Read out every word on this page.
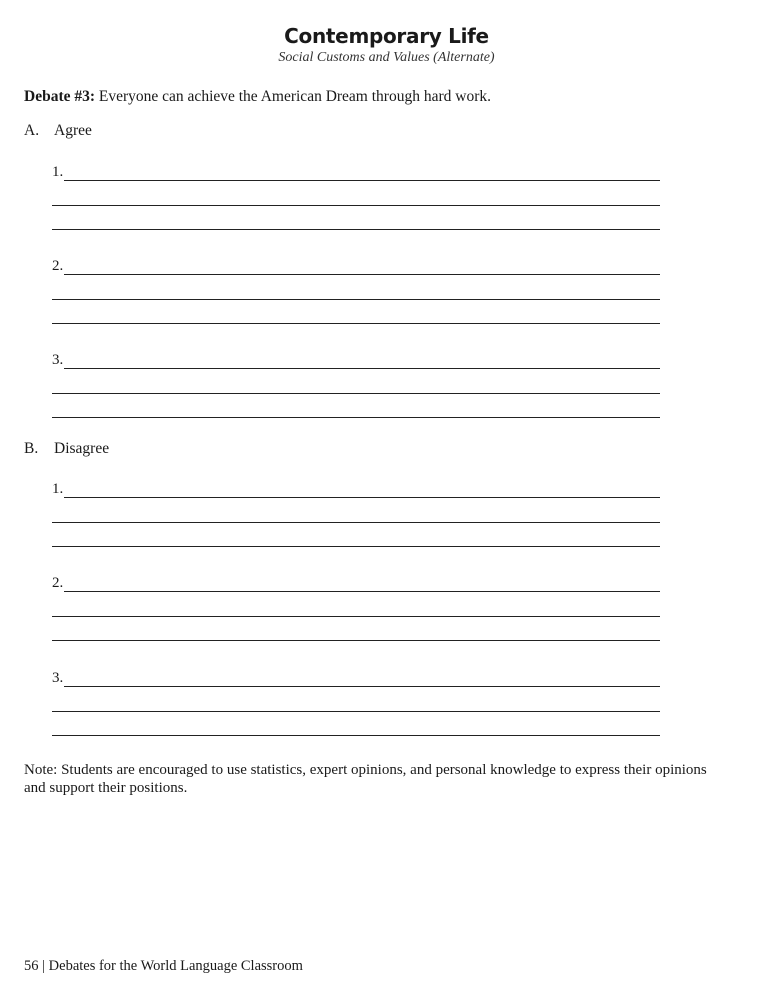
Contemporary Life
Social Customs and Values (Alternate)
Debate #3: Everyone can achieve the American Dream through hard work.
A. Agree
B. Disagree
1.
2.
3.
1.
2.
3.
Note: Students are encouraged to use statistics, expert opinions, and personal knowledge to express their opinions and support their positions.
56 | Debates for the World Language Classroom
